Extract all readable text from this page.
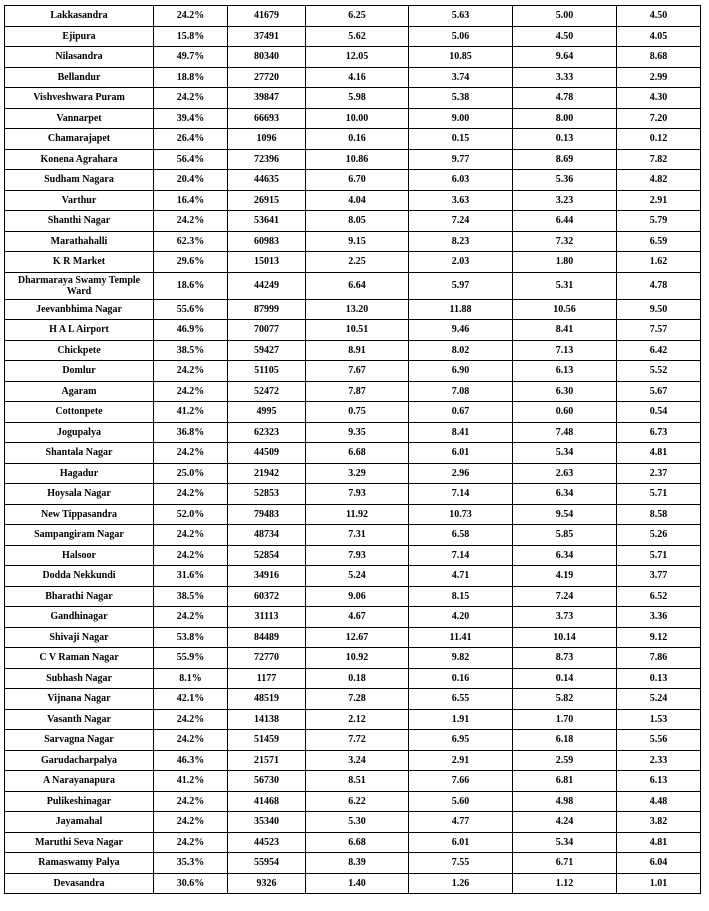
Lakkasandra	24.2%	41679	6.25	5.63	5.00	4.50
Ejipura	15.8%	37491	5.62	5.06	4.50	4.05
Nilasandra	49.7%	80340	12.05	10.85	9.64	8.68
Bellandur	18.8%	27720	4.16	3.74	3.33	2.99
Vishveshwara Puram	24.2%	39847	5.98	5.38	4.78	4.30
Vannarpet	39.4%	66693	10.00	9.00	8.00	7.20
Chamarajapet	26.4%	1096	0.16	0.15	0.13	0.12
Konena Agrahara	56.4%	72396	10.86	9.77	8.69	7.82
Sudham Nagara	20.4%	44635	6.70	6.03	5.36	4.82
Varthur	16.4%	26915	4.04	3.63	3.23	2.91
Shanthi Nagar	24.2%	53641	8.05	7.24	6.44	5.79
Marathahalli	62.3%	60983	9.15	8.23	7.32	6.59
K R Market	29.6%	15013	2.25	2.03	1.80	1.62
Dharmaraya Swamy Temple Ward	18.6%	44249	6.64	5.97	5.31	4.78
Jeevanbhima Nagar	55.6%	87999	13.20	11.88	10.56	9.50
H A L Airport	46.9%	70077	10.51	9.46	8.41	7.57
Chickpete	38.5%	59427	8.91	8.02	7.13	6.42
Domlur	24.2%	51105	7.67	6.90	6.13	5.52
Agaram	24.2%	52472	7.87	7.08	6.30	5.67
Cottonpete	41.2%	4995	0.75	0.67	0.60	0.54
Jogupalya	36.8%	62323	9.35	8.41	7.48	6.73
Shantala Nagar	24.2%	44509	6.68	6.01	5.34	4.81
Hagadur	25.0%	21942	3.29	2.96	2.63	2.37
Hoysala Nagar	24.2%	52853	7.93	7.14	6.34	5.71
New Tippasandra	52.0%	79483	11.92	10.73	9.54	8.58
Sampangiram Nagar	24.2%	48734	7.31	6.58	5.85	5.26
Halsoor	24.2%	52854	7.93	7.14	6.34	5.71
Dodda Nekkundi	31.6%	34916	5.24	4.71	4.19	3.77
Bharathi Nagar	38.5%	60372	9.06	8.15	7.24	6.52
Gandhinagar	24.2%	31113	4.67	4.20	3.73	3.36
Shivaji Nagar	53.8%	84489	12.67	11.41	10.14	9.12
C V Raman Nagar	55.9%	72770	10.92	9.82	8.73	7.86
Subhash Nagar	8.1%	1177	0.18	0.16	0.14	0.13
Vijnana Nagar	42.1%	48519	7.28	6.55	5.82	5.24
Vasanth Nagar	24.2%	14138	2.12	1.91	1.70	1.53
Sarvagna Nagar	24.2%	51459	7.72	6.95	6.18	5.56
Garudacharpalya	46.3%	21571	3.24	2.91	2.59	2.33
A Narayanapura	41.2%	56730	8.51	7.66	6.81	6.13
Pulikeshinagar	24.2%	41468	6.22	5.60	4.98	4.48
Jayamahal	24.2%	35340	5.30	4.77	4.24	3.82
Maruthi Seva Nagar	24.2%	44523	6.68	6.01	5.34	4.81
Ramaswamy Palya	35.3%	55954	8.39	7.55	6.71	6.04
Devasandra	30.6%	9326	1.40	1.26	1.12	1.01
